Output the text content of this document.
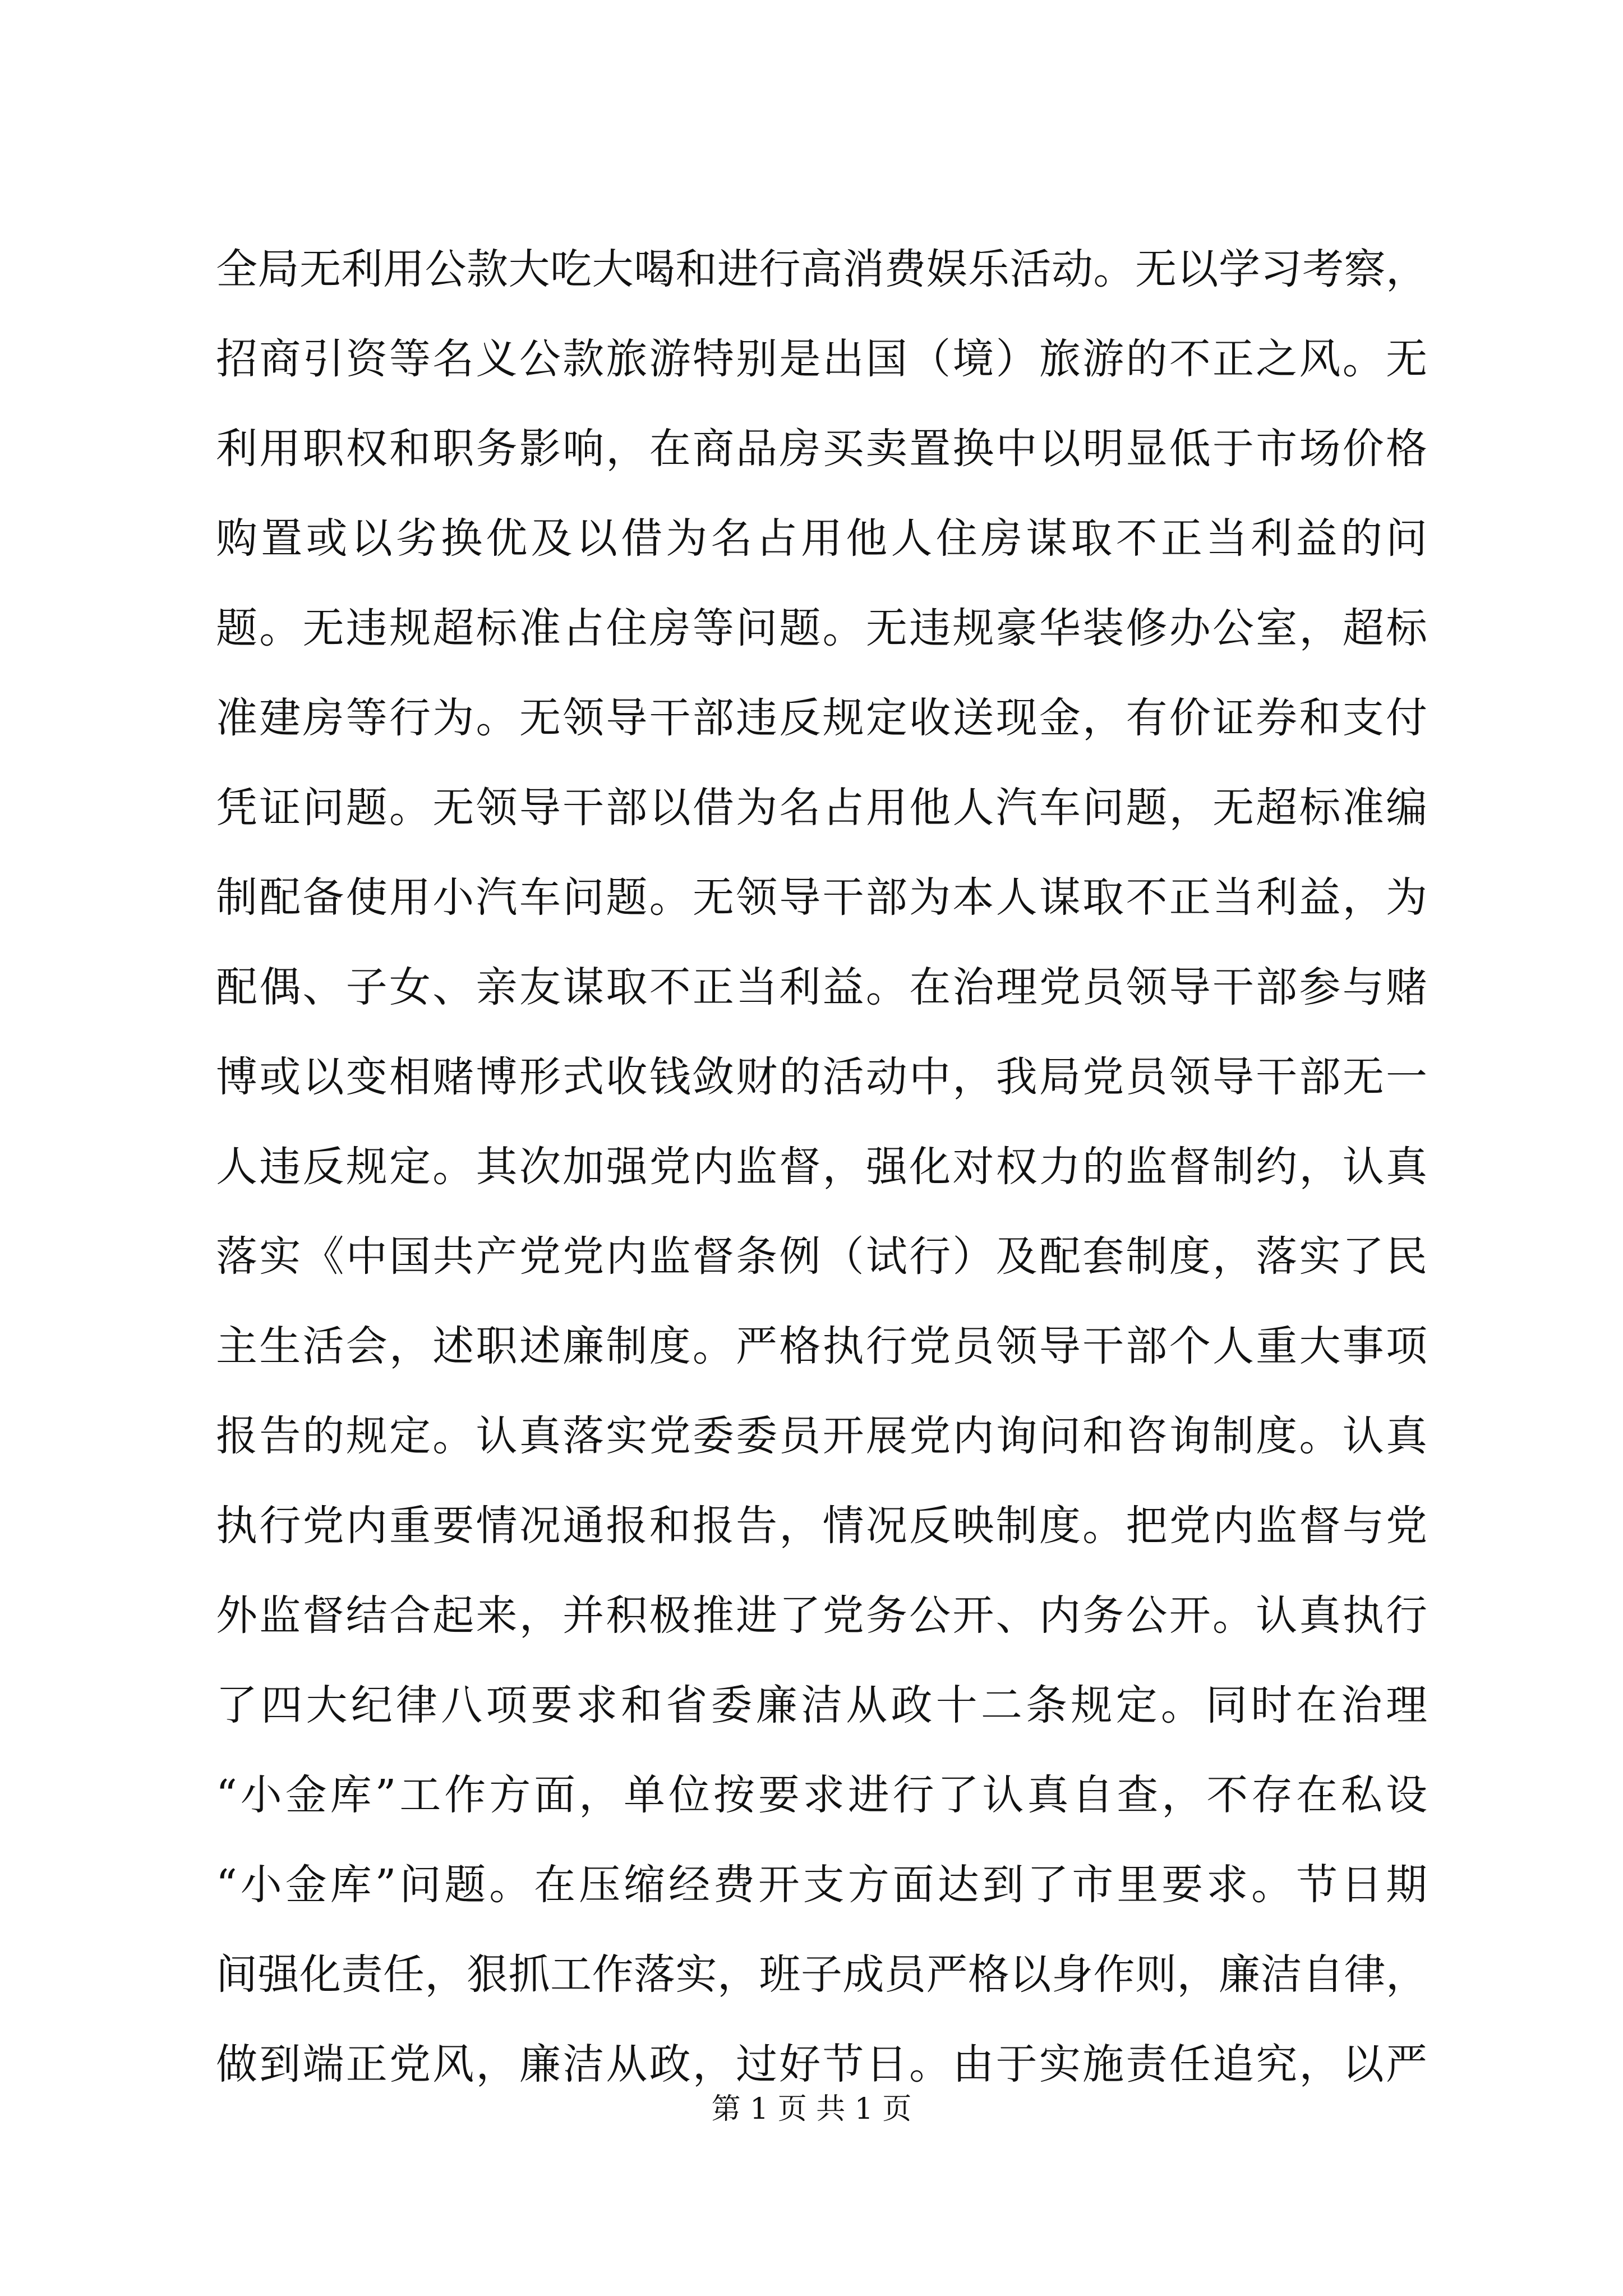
全局无利用公款大吃大喝和进行高消费娱乐活动。无以学习考察，
招商引资等名义公款旅游特别是出国（境）旅游的不正之风。无
利用职权和职务影响，在商品房买卖置换中以明显低于市场价格
购置或以劣换优及以借为名占用他人住房谋取不正当利益的问
题。无违规超标准占住房等问题。无违规豪华装修办公室，超标
准建房等行为。无领导干部违反规定收送现金，有价证券和支付
凭证问题。无领导干部以借为名占用他人汽车问题，无超标准编
制配备使用小汽车问题。无领导干部为本人谋取不正当利益，为
配偶、子女、亲友谋取不正当利益。在治理党员领导干部参与赌
博或以变相赌博形式收钱敛财的活动中，我局党员领导干部无一
人违反规定。其次加强党内监督，强化对权力的监督制约，认真
落实《中国共产党党内监督条例（试行）及配套制度，落实了民
主生活会，述职述廉制度。严格执行党员领导干部个人重大事项
报告的规定。认真落实党委委员开展党内询问和咨询制度。认真
执行党内重要情况通报和报告，情况反映制度。把党内监督与党
外监督结合起来，并积极推进了党务公开、内务公开。认真执行
了四大纪律八项要求和省委廉洁从政十二条规定。同时在治理
“小金库”工作方面，单位按要求进行了认真自查，不存在私设
“小金库”问题。在压缩经费开支方面达到了市里要求。节日期
间强化责任，狠抓工作落实，班子成员严格以身作则，廉洁自律，
做到端正党风，廉洁从政，过好节日。由于实施责任追究，以严
第 1 页 共 1 页
